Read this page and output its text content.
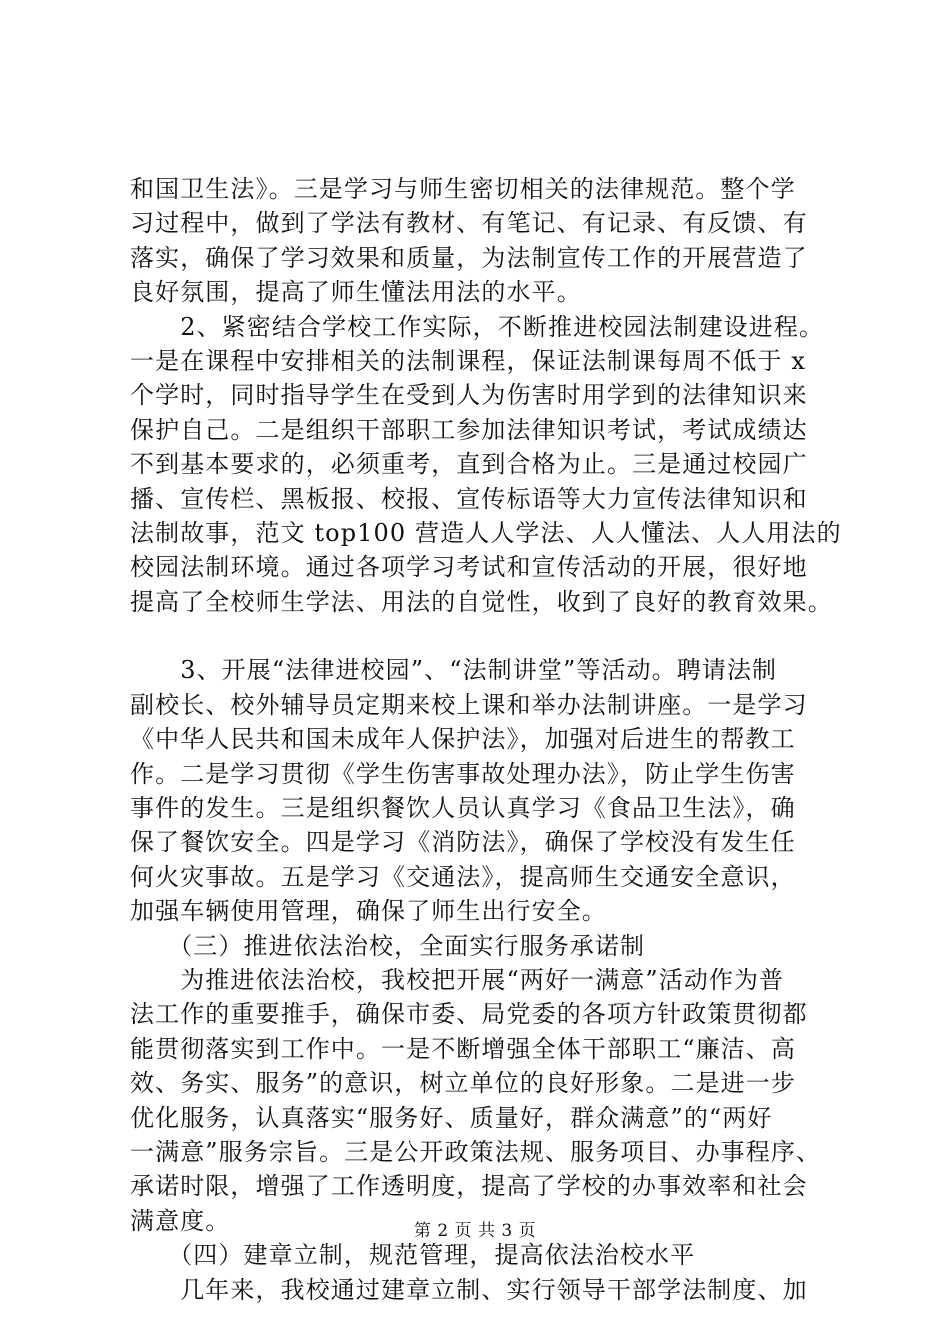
和国卫生法》。三是学习与师生密切相关的法律规范。整个学
习过程中，做到了学法有教材、有笔记、有记录、有反馈、有
落实，确保了学习效果和质量，为法制宣传工作的开展营造了
良好氛围，提高了师生懂法用法的水平。
　　2、紧密结合学校工作实际，不断推进校园法制建设进程。
一是在课程中安排相关的法制课程，保证法制课每周不低于 x
个学时，同时指导学生在受到人为伤害时用学到的法律知识来
保护自己。二是组织干部职工参加法律知识考试，考试成绩达
不到基本要求的，必须重考，直到合格为止。三是通过校园广
播、宣传栏、黑板报、校报、宣传标语等大力宣传法律知识和
法制故事，范文 top100 营造人人学法、人人懂法、人人用法的
校园法制环境。通过各项学习考试和宣传活动的开展，很好地
提高了全校师生学法、用法的自觉性，收到了良好的教育效果。
　　3、开展“法律进校园”、“法制讲堂”等活动。聘请法制
副校长、校外辅导员定期来校上课和举办法制讲座。一是学习
《中华人民共和国未成年人保护法》，加强对后进生的帮教工
作。二是学习贯彻《学生伤害事故处理办法》，防止学生伤害
事件的发生。三是组织餐饮人员认真学习《食品卫生法》，确
保了餐饮安全。四是学习《消防法》，确保了学校没有发生任
何火灾事故。五是学习《交通法》，提高师生交通安全意识，
加强车辆使用管理，确保了师生出行安全。
　　（三）推进依法治校，全面实行服务承诺制
　　为推进依法治校，我校把开展“两好一满意”活动作为普
法工作的重要推手，确保市委、局党委的各项方针政策贯彻都
能贯彻落实到工作中。一是不断增强全体干部职工“廉洁、高
效、务实、服务”的意识，树立单位的良好形象。二是进一步
优化服务，认真落实“服务好、质量好，群众满意”的“两好
一满意”服务宗旨。三是公开政策法规、服务项目、办事程序、
承诺时限，增强了工作透明度，提高了学校的办事效率和社会
满意度。
　　（四）建章立制，规范管理，提高依法治校水平
　　几年来，我校通过建章立制、实行领导干部学法制度、加
第 2 页 共 3 页
